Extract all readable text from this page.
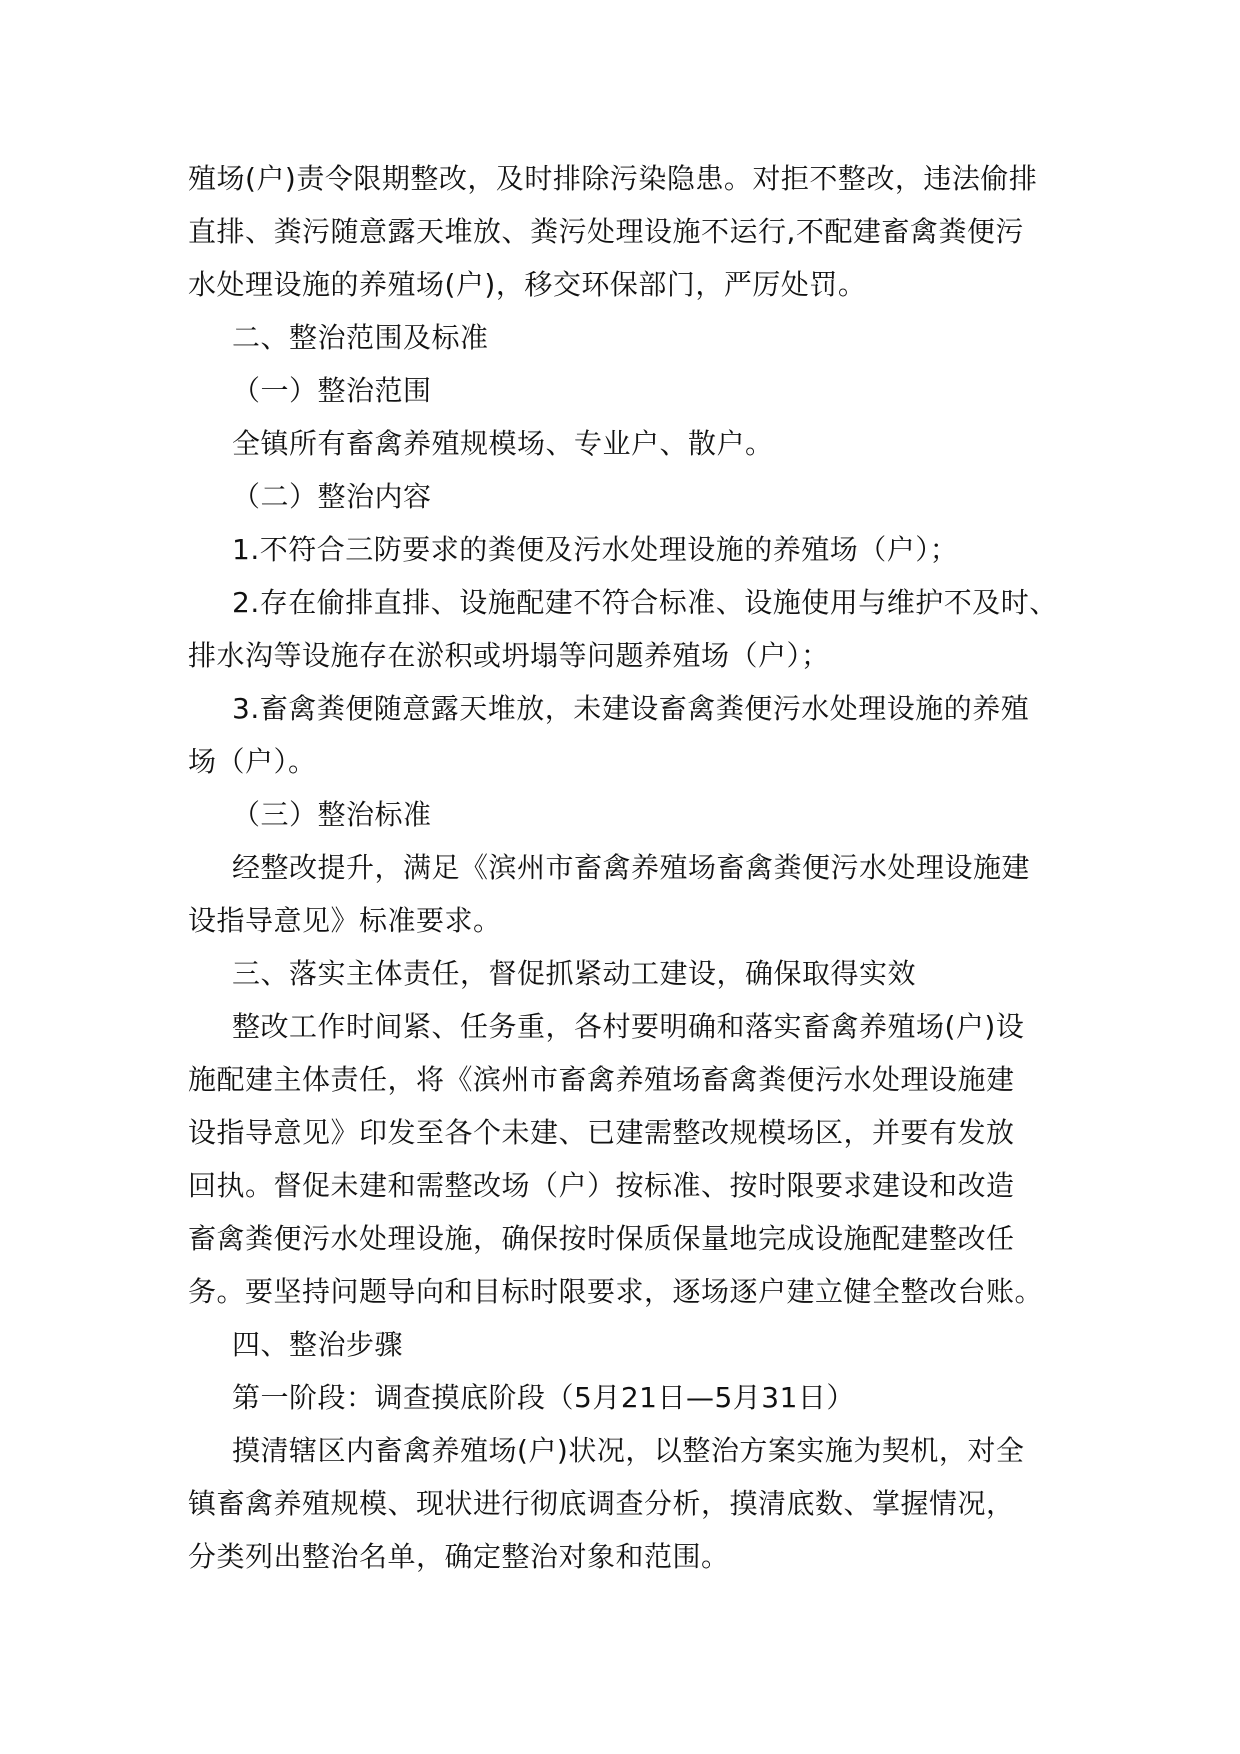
殖场(户)责令限期整改，及时排除污染隐患。对拒不整改，违法偷排
直排、粪污随意露天堆放、粪污处理设施不运行,不配建畜禽粪便污
水处理设施的养殖场(户)，移交环保部门，严厉处罚。

二、整治范围及标准

（一）整治范围

全镇所有畜禽养殖规模场、专业户、散户。

（二）整治内容

1.不符合三防要求的粪便及污水处理设施的养殖场（户）；

2.存在偷排直排、设施配建不符合标准、设施使用与维护不及时、
排水沟等设施存在淤积或坍塌等问题养殖场（户）；

3.畜禽粪便随意露天堆放，未建设畜禽粪便污水处理设施的养殖
场（户）。

（三）整治标准

经整改提升，满足《滨州市畜禽养殖场畜禽粪便污水处理设施建
设指导意见》标准要求。

三、落实主体责任，督促抓紧动工建设，确保取得实效

整改工作时间紧、任务重，各村要明确和落实畜禽养殖场(户)设
施配建主体责任，将《滨州市畜禽养殖场畜禽粪便污水处理设施建
设指导意见》印发至各个未建、已建需整改规模场区，并要有发放
回执。督促未建和需整改场（户）按标准、按时限要求建设和改造
畜禽粪便污水处理设施，确保按时保质保量地完成设施配建整改任
务。要坚持问题导向和目标时限要求，逐场逐户建立健全整改台账。

四、整治步骤

第一阶段：调查摸底阶段（5月21日—5月31日）

摸清辖区内畜禽养殖场(户)状况，以整治方案实施为契机，对全
镇畜禽养殖规模、现状进行彻底调查分析，摸清底数、掌握情况，
分类列出整治名单，确定整治对象和范围。
